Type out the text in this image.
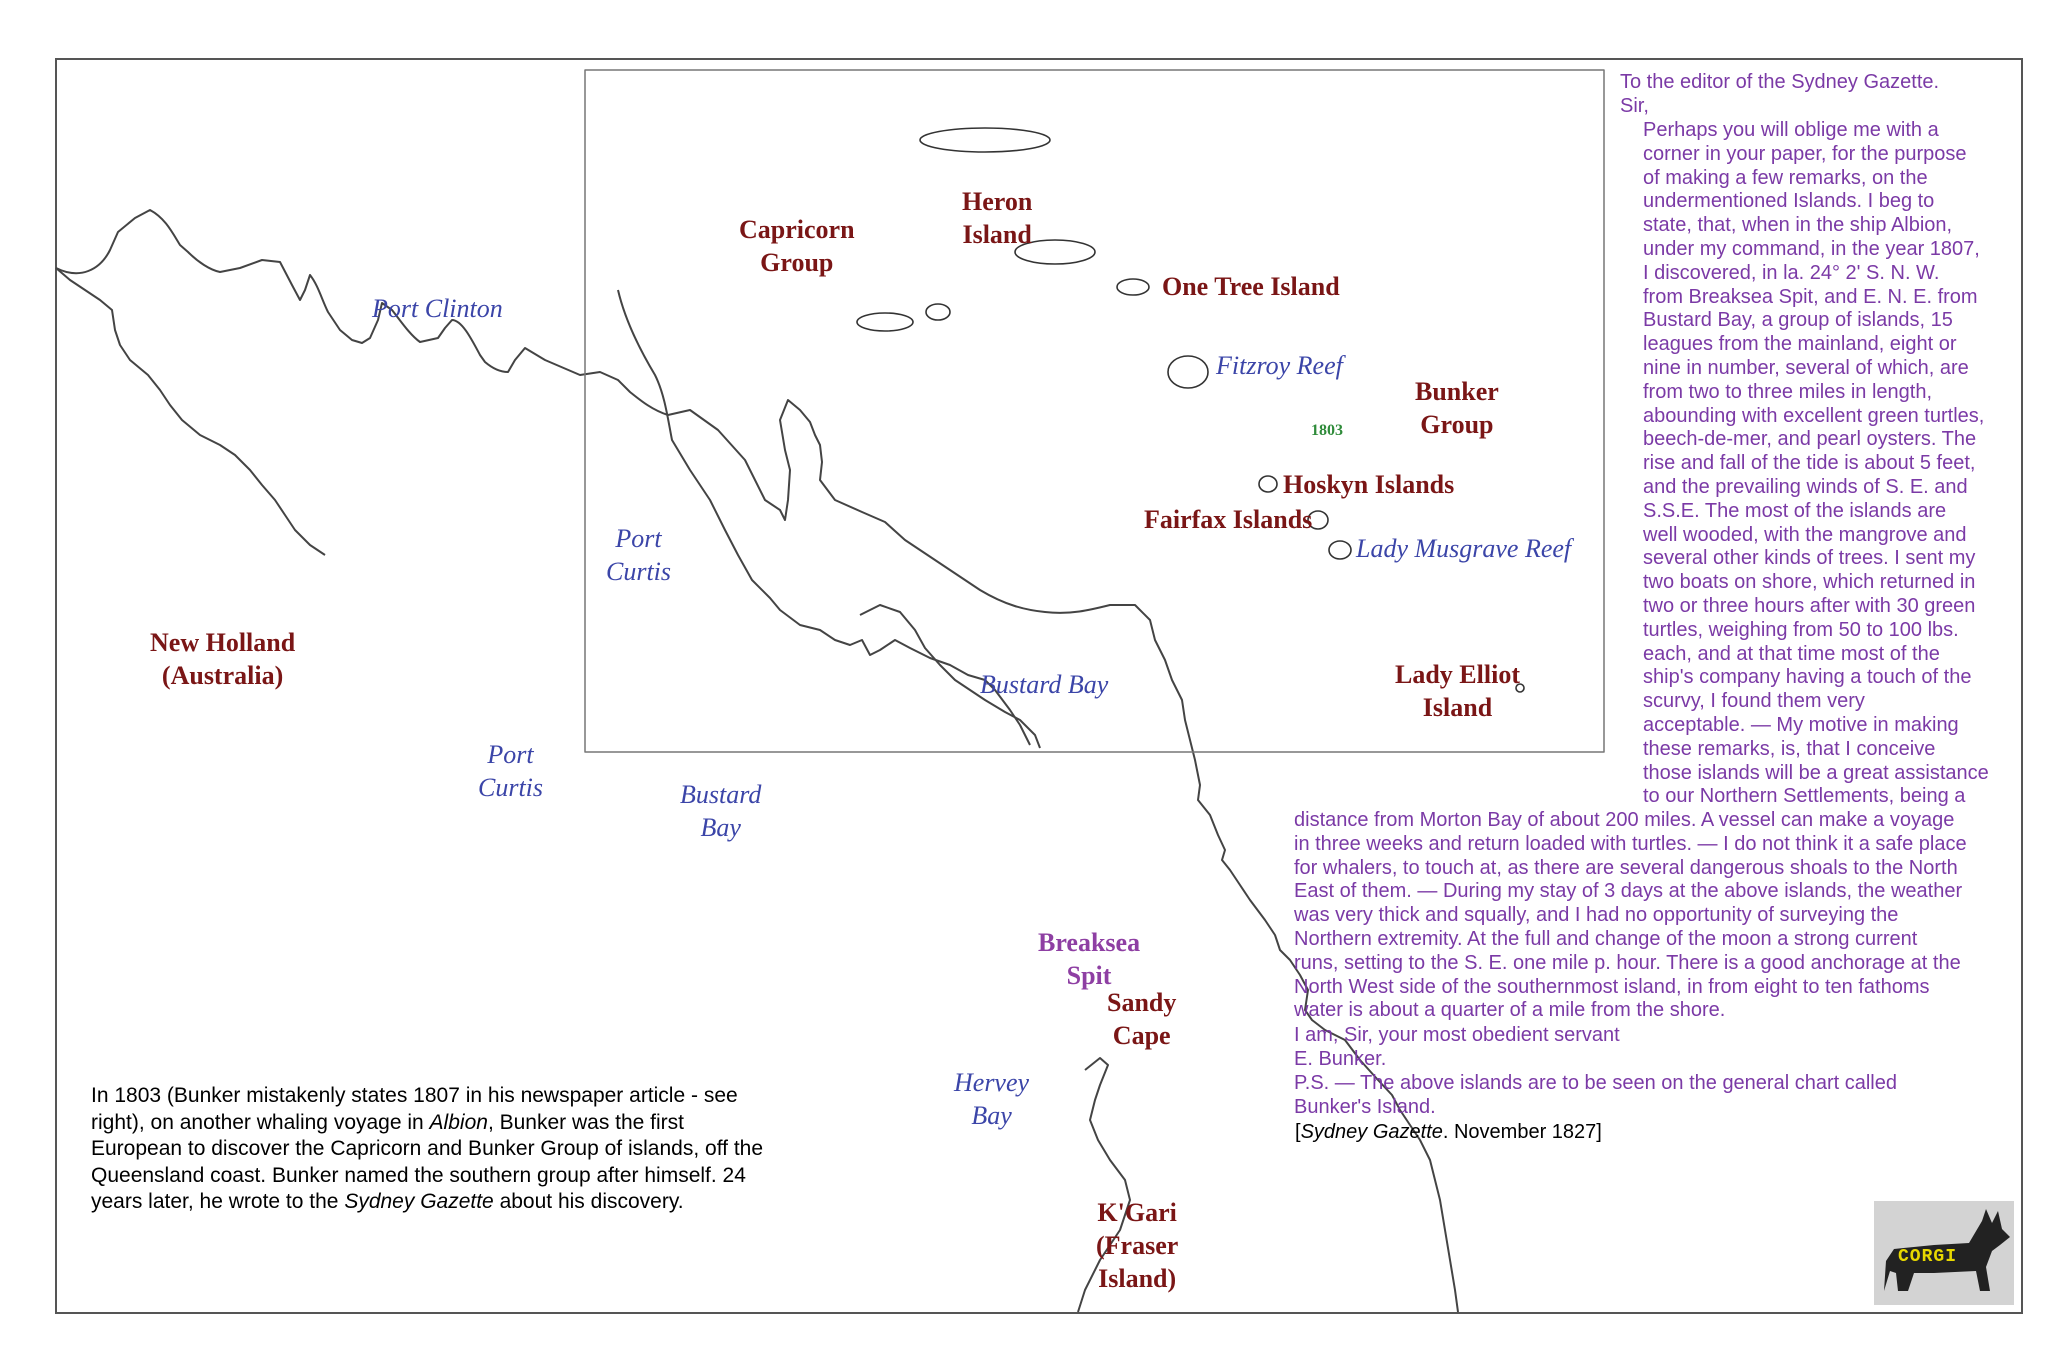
Port Clinton
New Holland
(Australia)
Port
Curtis	Bustard
Bay
Breaksea
Spit
Sandy
Cape
Hervey
Bay
K'Gari
(Fraser
Island)
Capricorn
Group
Heron
Island
One Tree Island
Fitzroy Reef
Bunker
Group
1803
Hoskyn Islands
Fairfax Islands
Lady Musgrave Reef
Port
Curtis
Bustard Bay	Lady Elliot
Island
To the editor of the Sydney Gazette.
Sir,

Perhaps you will oblige me with a

corner in your paper, for the purpose

of making a few remarks, on the

undermentioned Islands. I beg to

state, that, when in the ship Albion,

under my command, in the year 1807,

I discovered, in la. 24° 2' S. N. W.

from Breaksea Spit, and E. N. E. from

Bustard Bay, a group of islands, 15

leagues from the mainland, eight or

nine in number, several of which, are

from two to three miles in length,

abounding with excellent green turtles,

beech-de-mer, and pearl oysters. The

rise and fall of the tide is about 5 feet,

and the prevailing winds of S. E. and

S.S.E. The most of the islands are

well wooded, with the mangrove and

several other kinds of trees. I sent my

two boats on shore, which returned in

two or three hours after with 30 green

turtles, weighing from 50 to 100 lbs.

each, and at that time most of the

ship's company having a touch of the

scurvy, I found them very

acceptable. — My motive in making

these remarks, is, that I conceive

those islands will be a great assistance

to our Northern Settlements, being a

distance from Morton Bay of about 200 miles. A vessel can make a voyage

in three weeks and return loaded with turtles. — I do not think it a safe place

for whalers, to touch at, as there are several dangerous shoals to the North

East of them. — During my stay of 3 days at the above islands, the weather

was very thick and squally, and I had no opportunity of surveying the

Northern extremity. At the full and change of the moon a strong current

runs, setting to the S. E. one mile p. hour. There is a good anchorage at the

North West side of the southernmost island, in from eight to ten fathoms

water is about a quarter of a mile from the shore.

I am, Sir, your most obedient servant
E. Bunker.

P.S. — The above islands are to be seen on the general chart called

Bunker's Island.

[Sydney Gazette. November 1827]
In 1803 (Bunker mistakenly states 1807 in his newspaper article - see right), on another whaling voyage in Albion, Bunker was the first European to discover the Capricorn and Bunker Group of islands, off the Queensland coast. Bunker named the southern group after himself. 24 years later, he wrote to the Sydney Gazette about his discovery.
CORGI
